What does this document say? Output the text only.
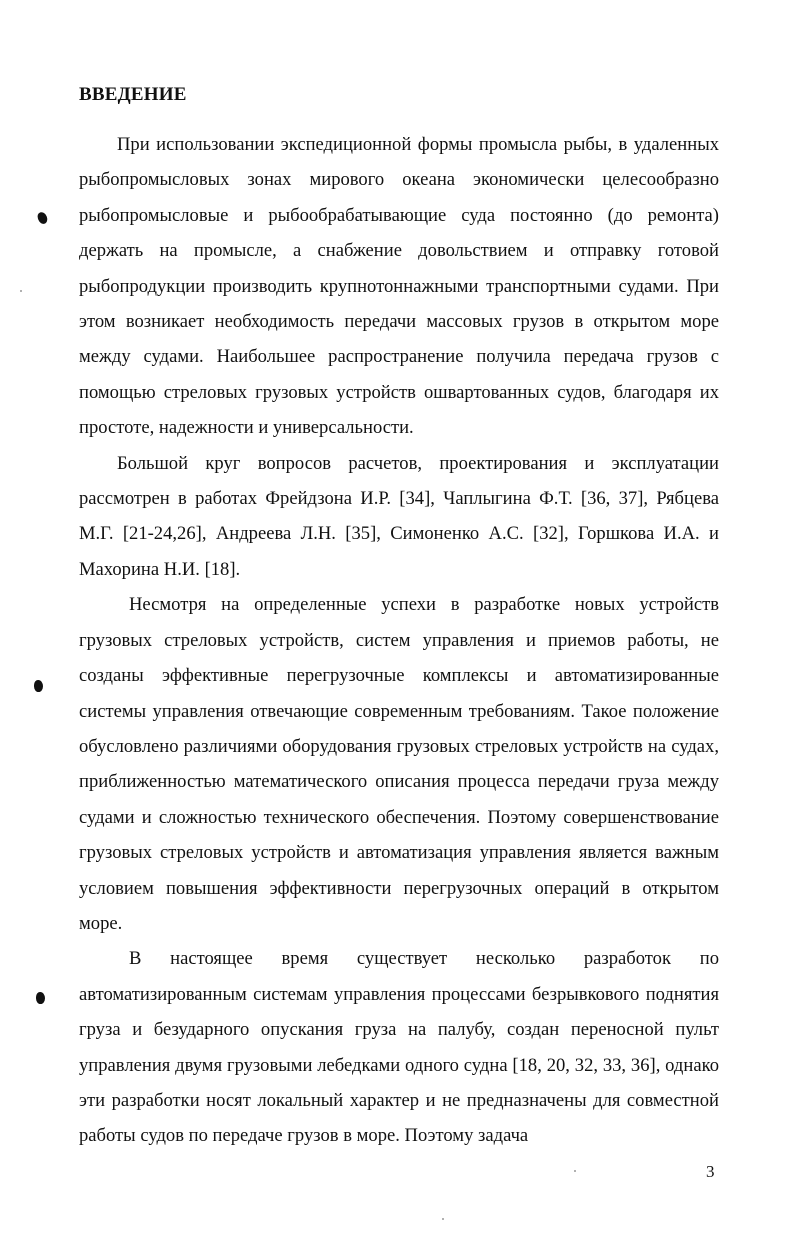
ВВЕДЕНИЕ

При использовании экспедиционной формы промысла рыбы, в удаленных рыбопромысловых зонах мирового океана экономически целесообразно рыбопромысловые и рыбообрабатывающие суда постоянно (до ремонта) держать на промысле, а снабжение довольствием и отправку готовой рыбопродукции производить крупнотоннажными транспортными судами. При этом возникает необходимость передачи массовых грузов в открытом море между судами. Наибольшее распространение получила передача грузов с помощью стреловых грузовых устройств ошвартованных судов, благодаря их простоте, надежности и универсальности.

Большой круг вопросов расчетов, проектирования и эксплуатации рассмотрен в работах Фрейдзона И.Р. [34], Чаплыгина Ф.Т. [36, 37], Рябцева М.Г. [21-24,26], Андреева Л.Н. [35], Симоненко А.С. [32], Горшкова И.А. и Махорина Н.И. [18].

Несмотря на определенные успехи в разработке новых устройств грузовых стреловых устройств, систем управления и приемов работы, не созданы эффективные перегрузочные комплексы и автоматизированные системы управления отвечающие современным требованиям. Такое положение обусловлено различиями оборудования грузовых стреловых устройств на судах, приближенностью математического описания процесса передачи груза между судами и сложностью технического обеспечения. Поэтому совершенствование грузовых стреловых устройств и автоматизация управления является важным условием повышения эффективности перегрузочных операций в открытом море.

В настоящее время существует несколько разработок по автоматизированным системам управления процессами безрывкового поднятия груза и безударного опускания груза на палубу, создан переносной пульт управления двумя грузовыми лебедками одного судна [18, 20, 32, 33, 36], однако эти разработки носят локальный характер и не предназначены для совместной работы судов по передаче грузов в море. Поэтому задача

3
